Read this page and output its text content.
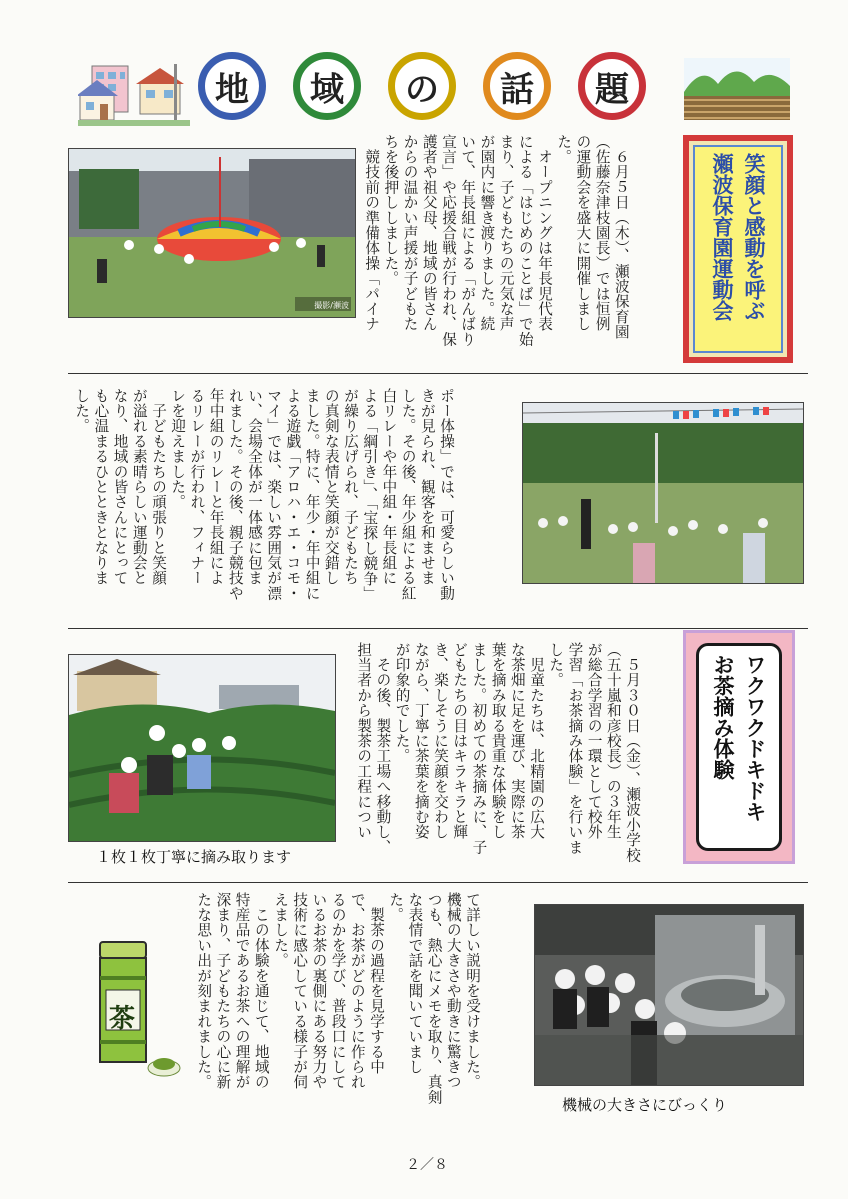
地	域	の	話	題
撮影/瀬波	　６月５日（木）、瀬波保育園
（佐藤奈津枝園長）では恒例
の運動会を盛大に開催しまし
た。
　オープニングは年長児代表
による「はじめのことば」で始
まり、子どもたちの元気な声
が園内に響き渡りました。続
いて、年長組による「がんばり
宣言」や応援合戦が行われ、保
護者や祖父母、地域の皆さん
からの温かい声援が子どもた
ちを後押ししました。
　競技前の準備体操「パイナ

	笑顔と感動を呼ぶ
瀬波保育園運動会

ポー体操」では、可愛らしい動
きが見られ、観客を和ませま
した。その後、年少組による紅
白リレーや年中組・年長組に
よる「綱引き」、「宝探し競争」
が繰り広げられ、子どもたち
の真剣な表情と笑顔が交錯し
ました。特に、年少・年中組に
よる遊戯「アロハ・エ・コモ・
マイ」では、楽しい雰囲気が漂
い、会場全体が一体感に包ま
れました。その後、親子競技や
年中組のリレーと年長組によ
るリレーが行われ、フィナー
レを迎えました。
　子どもたちの頑張りと笑顔
が溢れる素晴らしい運動会と
なり、地域の皆さんにとって
も心温まるひとときとなりま
した。
１枚１枚丁寧に摘み取ります	　５月３０日（金）、瀬波小学校
（五十嵐和彦校長）の３年生
が総合学習の一環として校外
学習「お茶摘み体験」を行いま
した。
　児童たちは、北精園の広大
な茶畑に足を運び、実際に茶
葉を摘み取る貴重な体験をし
ました。初めての茶摘みに、子
どもたちの目はキラキラと輝
き、楽しそうに笑顔を交わし
ながら、丁寧に茶葉を摘む姿
が印象的でした。
　その後、製茶工場へ移動し、
担当者から製茶の工程につい

	ワクワクドキドキ
お茶摘み体験

茶	て詳しい説明を受けました。
機械の大きさや動きに驚きつ
つも、熱心にメモを取り、真剣
な表情で話を聞いていまし
た。
　製茶の過程を見学する中
で、お茶がどのように作られ
るのかを学び、普段口にして
いるお茶の裏側にある努力や
技術に感心している様子が伺
えました。
　この体験を通じて、地域の
特産品であるお茶への理解が
深まり、子どもたちの心に新
たな思い出が刻まれました。
機械の大きさにびっくり
２／８
